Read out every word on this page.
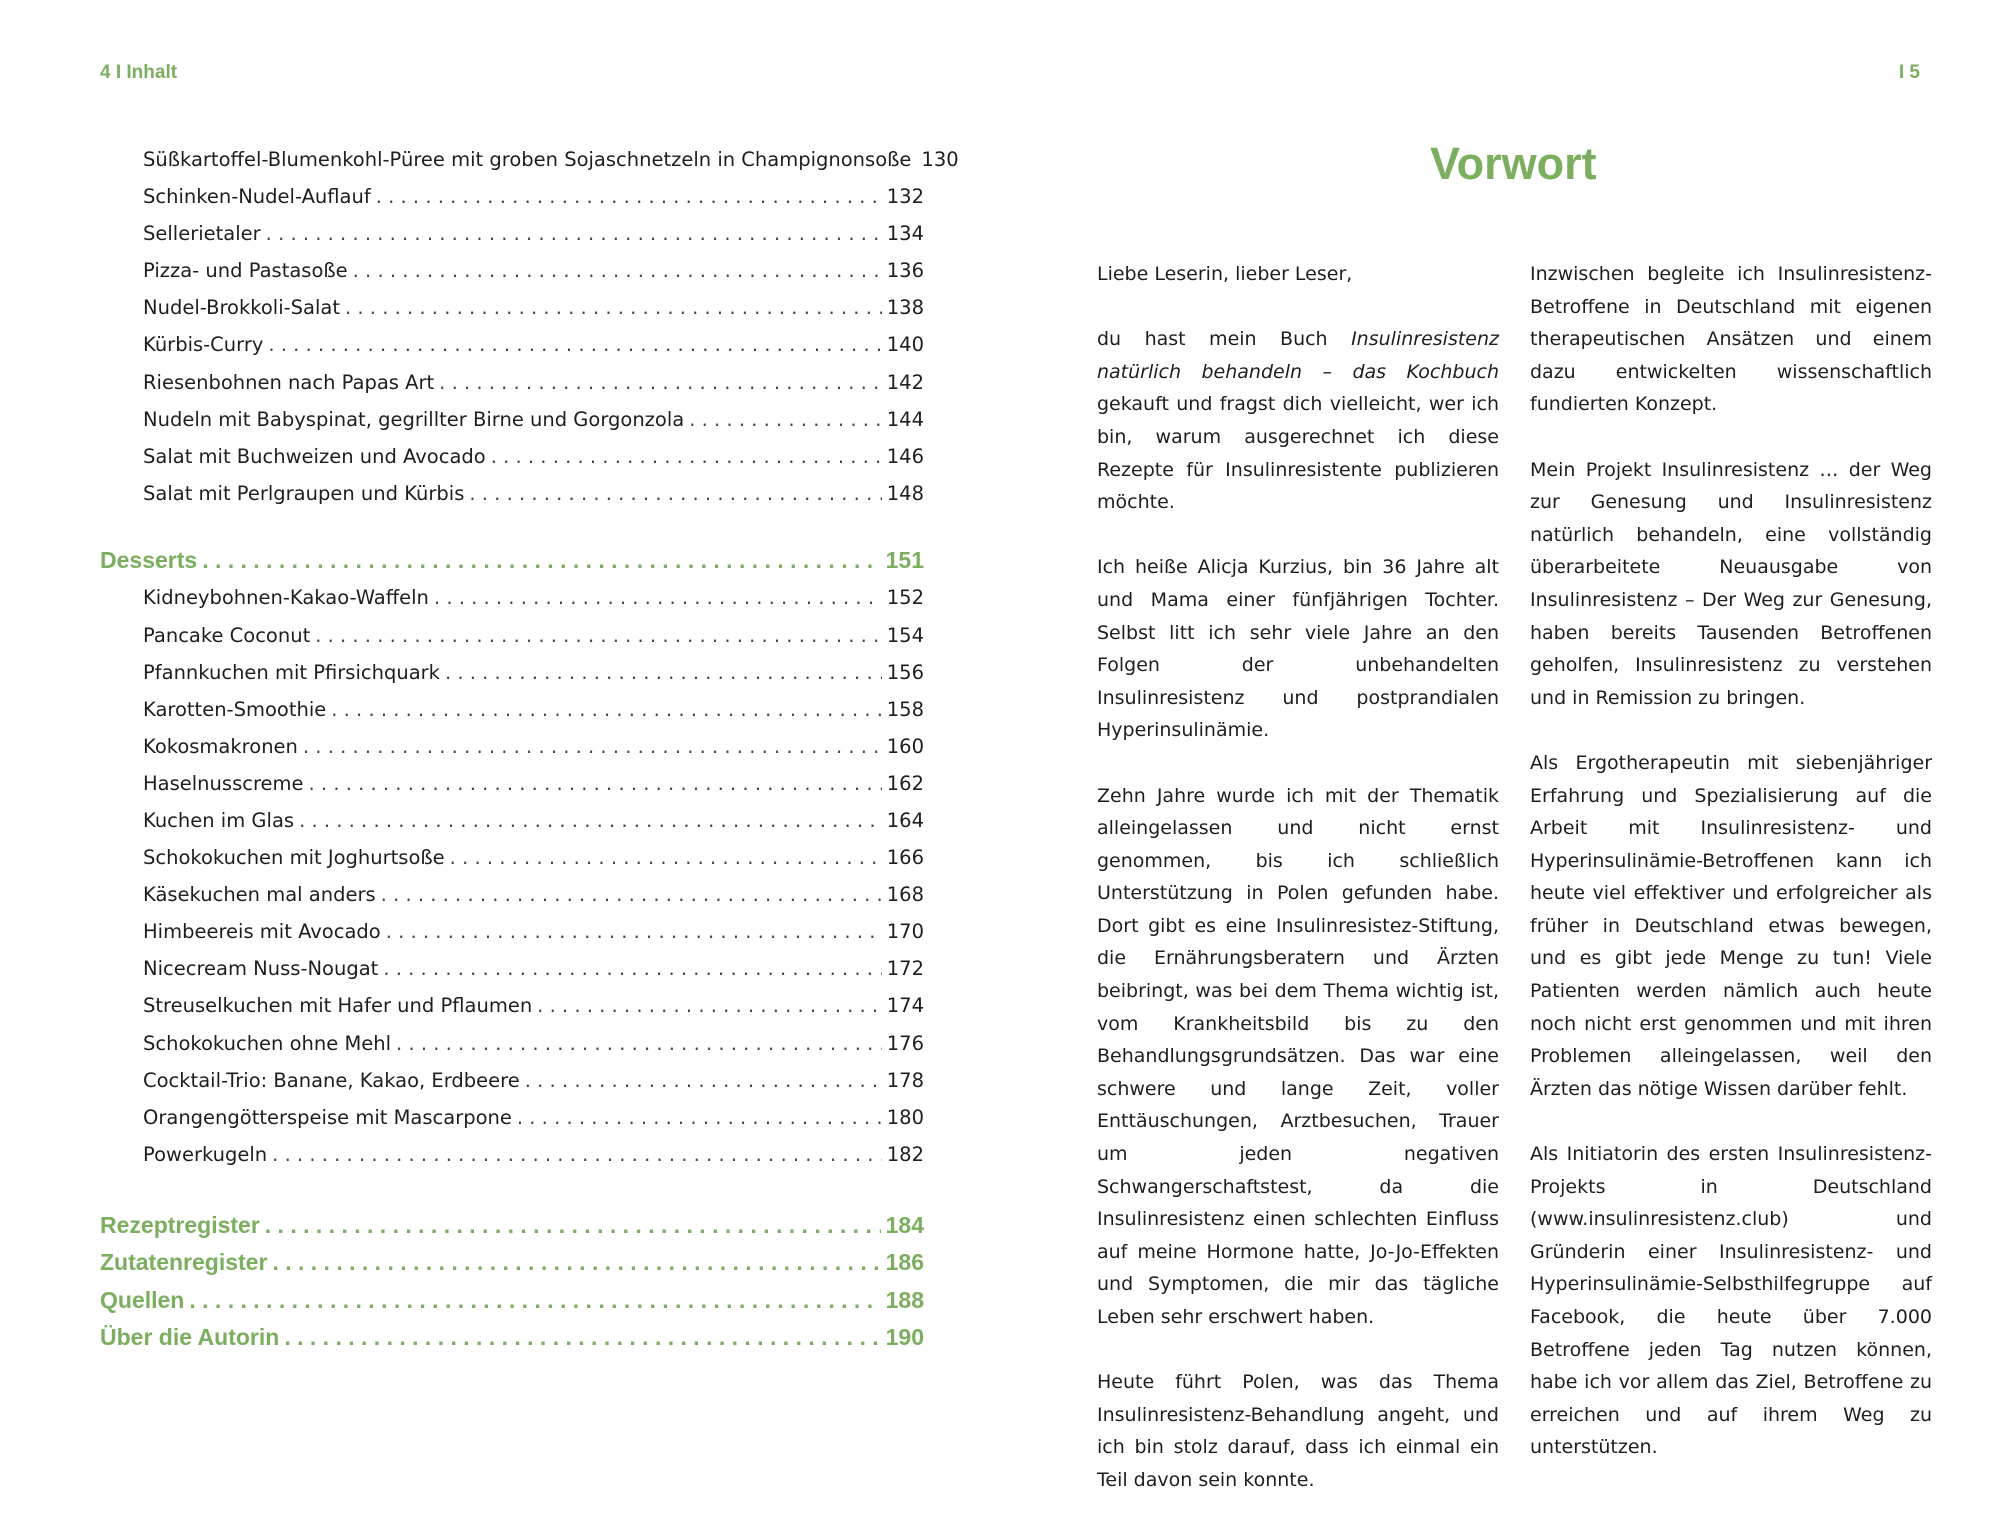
4 I Inhalt
Süßkartoffel-Blumenkohl-Püree mit groben Sojaschnetzeln in Champignonsoße 130
Schinken-Nudel-Auflauf . . .	132
Sellerietaler . . .	134
Pizza- und Pastasoße . . .	136
Nudel-Brokkoli-Salat . . .	138
Kürbis-Curry . . .	140
Riesenbohnen nach Papas Art . . .	142
Nudeln mit Babyspinat, gegrillter Birne und Gorgonzola . . .	144
Salat mit Buchweizen und Avocado . . .	146
Salat mit Perlgraupen und Kürbis . . .	148
Desserts . . .	151
Kidneybohnen-Kakao-Waffeln . . .	152
Pancake Coconut . . .	154
Pfannkuchen mit Pfirsichquark . . .	156
Karotten-Smoothie . . .	158
Kokosmakronen . . .	160
Haselnusscreme . . .	162
Kuchen im Glas . . .	164
Schokokuchen mit Joghurtsoße . . .	166
Käsekuchen mal anders . . .	168
Himbeereis mit Avocado . . .	170
Nicecream Nuss-Nougat . . .	172
Streuselkuchen mit Hafer und Pflaumen . . .	174
Schokokuchen ohne Mehl . . .	176
Cocktail-Trio: Banane, Kakao, Erdbeere . . .	178
Orangengötterspeise mit Mascarpone . . .	180
Powerkugeln . . .	182
Rezeptregister . . .	184
Zutatenregister . . .	186
Quellen . . .	188
Über die Autorin . . .	190
I 5
Vorwort

Liebe Leserin, lieber Leser,

du hast mein Buch Insulinresistenz natürlich behandeln – das Kochbuch gekauft und fragst dich vielleicht, wer ich bin, warum ausgerechnet ich diese Rezepte für Insulinresistente publizieren möchte.

Ich heiße Alicja Kurzius, bin 36 Jahre alt und Mama einer fünfjährigen Tochter. Selbst litt ich sehr viele Jahre an den Folgen der unbehandelten Insulinresistenz und postprandialen Hyperinsulinämie.

Zehn Jahre wurde ich mit der Thematik alleingelassen und nicht ernst genommen, bis ich schließlich Unterstützung in Polen gefunden habe. Dort gibt es eine Insulinresistez-Stiftung, die Ernährungsberatern und Ärzten beibringt, was bei dem Thema wichtig ist, vom Krankheitsbild bis zu den Behandlungsgrundsätzen. Das war eine schwere und lange Zeit, voller Enttäuschungen, Arztbesuchen, Trauer um jeden negativen Schwangerschaftstest, da die Insulinresistenz einen schlechten Einfluss auf meine Hormone hatte, Jo-Jo-Effekten und Symptomen, die mir das tägliche Leben sehr erschwert haben.

Heute führt Polen, was das Thema Insulinresistenz-Behandlung angeht, und ich bin stolz darauf, dass ich einmal ein Teil davon sein konnte.

Inzwischen begleite ich Insulinresistenz-Betroffene in Deutschland mit eigenen therapeutischen Ansätzen und einem dazu entwickelten wissenschaftlich fundierten Konzept.

Mein Projekt Insulinresistenz … der Weg zur Genesung und Insulinresistenz natürlich behandeln, eine vollständig überarbeitete Neuausgabe von Insulinresistenz – Der Weg zur Genesung, haben bereits Tausenden Betroffenen geholfen, Insulinresistenz zu verstehen und in Remission zu bringen.

Als Ergotherapeutin mit siebenjähriger Erfahrung und Spezialisierung auf die Arbeit mit Insulinresistenz- und Hyperinsulinämie-Betroffenen kann ich heute viel effektiver und erfolgreicher als früher in Deutschland etwas bewegen, und es gibt jede Menge zu tun! Viele Patienten werden nämlich auch heute noch nicht erst genommen und mit ihren Problemen alleingelassen, weil den Ärzten das nötige Wissen darüber fehlt.

Als Initiatorin des ersten Insulinresistenz-Projekts in Deutschland (www.insulinresistenz.club) und Gründerin einer Insulinresistenz- und Hyperinsulinämie-Selbsthilfegruppe auf Facebook, die heute über 7.000 Betroffene jeden Tag nutzen können, habe ich vor allem das Ziel, Betroffene zu erreichen und auf ihrem Weg zu unterstützen.
